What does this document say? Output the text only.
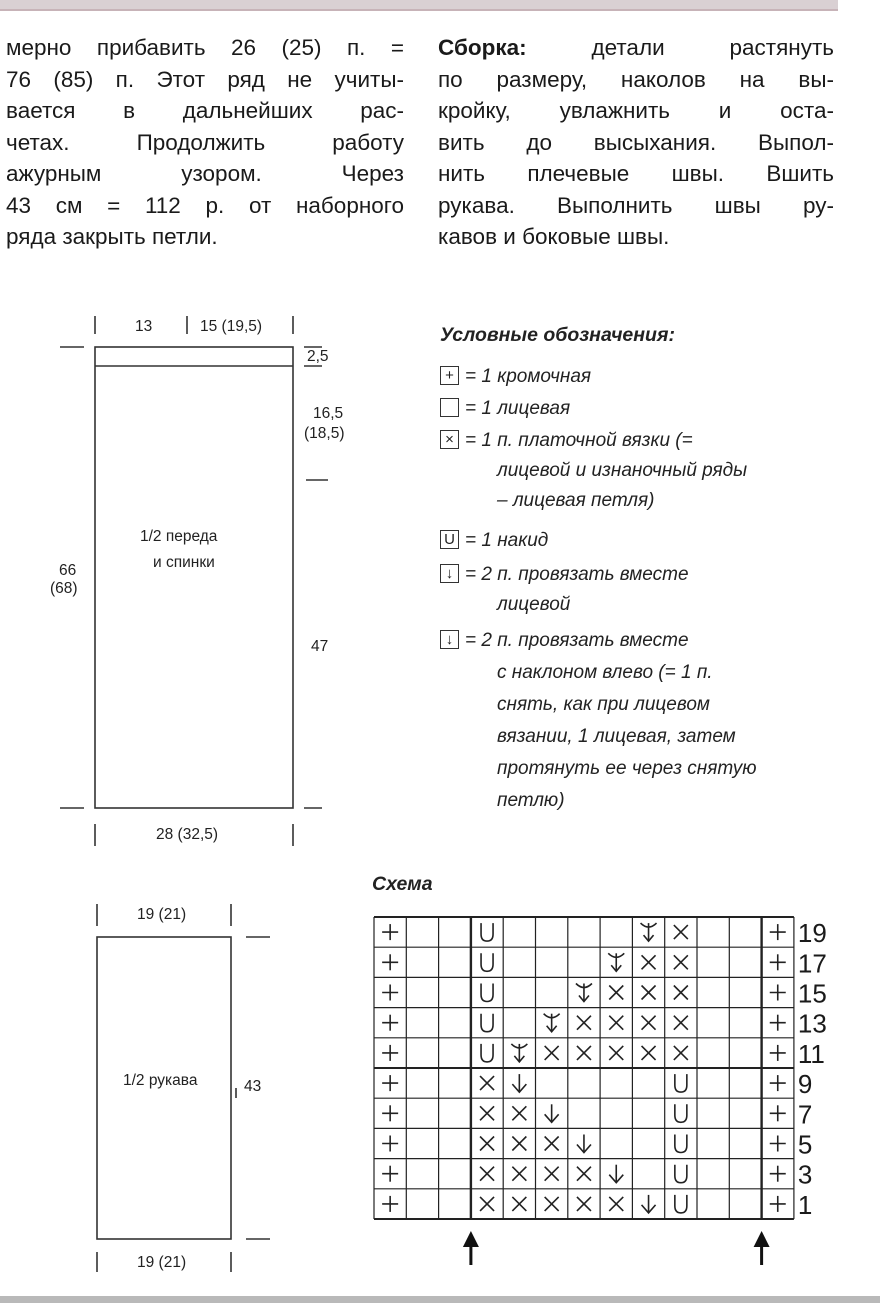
мерно прибавить 26 (25) п. =
76 (85) п. Этот ряд не учиты-
вается в дальнейших рас-
четах. Продолжить работу
ажурным узором. Через
43 см = 112 р. от наборного
ряда закрыть петли.
Сборка: детали растянуть
по размеру, наколов на вы-
кройку, увлажнить и оста-
вить до высыхания. Выпол-
нить плечевые швы. Вшить
рукава. Выполнить швы ру-
кавов и боковые швы.
13	15 (19,5)
2,5
16,5
(18,5)
47
66
(68)
1/2 переда
и спинки
28 (32,5)
19 (21)
1/2 рукава	43
19 (21)
Условные обозначения:
+ = 1 кромочная
= 1 лицевая
× = 1 п. платочной вязки (=
лицевой и изнаночный ряды
– лицевая петля)
U = 1 накид
↓ = 2 п. провязать вместе
лицевой
↓ = 2 п. провязать вместе
с наклоном влево (= 1 п.
снять, как при лицевом
вязании, 1 лицевая, затем
протянуть ее через снятую
петлю)
Схема
19
17
15
13
11
9
7
5
3
1
